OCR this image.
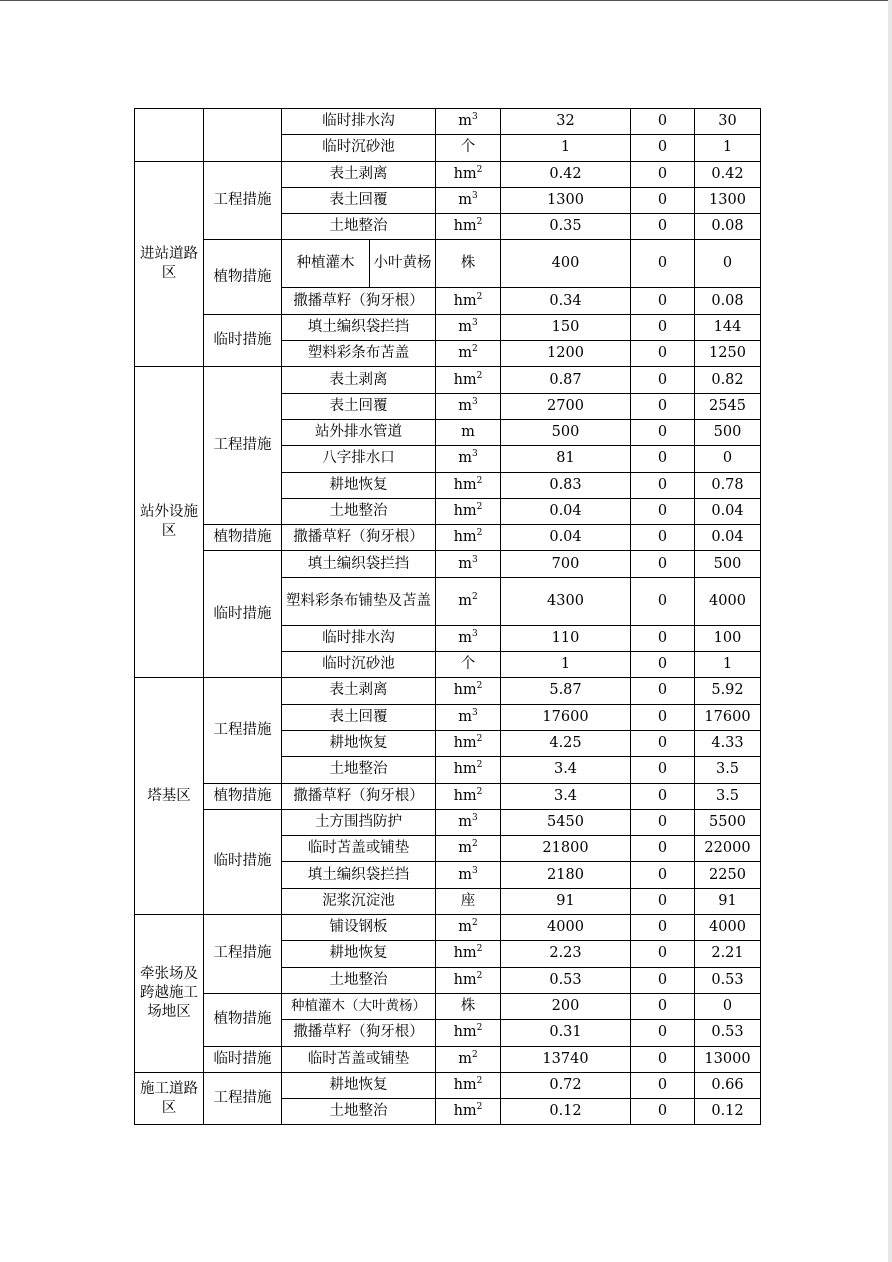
		临时排水沟		$m^3$	32	0	30
		临时沉砂池		个	1	0	1
进站道路区	工程措施	表土剥离		$hm^2$	0.42	0	0.42
		表土回覆		$m^3$	1300	0	1300
		土地整治		$hm^2$	0.35	0	0.08
	植物措施	种植灌木	小叶黄杨	株	400	0	0
		撒播草籽（狗牙根）		$hm^2$	0.34	0	0.08
	临时措施	填土编织袋拦挡		$m^3$	150	0	144
		塑料彩条布苫盖		$m^2$	1200	0	1250
站外设施区	工程措施	表土剥离		$hm^2$	0.87	0	0.82
		表土回覆		$m^3$	2700	0	2545
		站外排水管道		m	500	0	500
		八字排水口		$m^3$	81	0	0
		耕地恢复		$hm^2$	0.83	0	0.78
		土地整治		$hm^2$	0.04	0	0.04
	植物措施	撒播草籽（狗牙根）		$hm^2$	0.04	0	0.04
	临时措施	填土编织袋拦挡		$m^3$	700	0	500

		塑料彩条布铺垫及苫盖		$m^2$	4300	0	4000
		临时排水沟		$m^3$	110	0	100
		临时沉砂池		个	1	0	1
塔基区	工程措施	表土剥离		$hm^2$	5.87	0	5.92
		表土回覆		$m^3$	17600	0	17600
		耕地恢复		$hm^2$	4.25	0	4.33
		土地整治		$hm^2$	3.4	0	3.5
	植物措施	撒播草籽（狗牙根）		$hm^2$	3.4	0	3.5
	临时措施	土方围挡防护		$m^3$	5450	0	5500
		临时苫盖或铺垫		$m^2$	21800	0	22000
		填土编织袋拦挡		$m^3$	2180	0	2250
		泥浆沉淀池		座	91	0	91
牵张场及跨越施工场地区	工程措施	铺设钢板		$m^2$	4000	0	4000
		耕地恢复		$hm^2$	2.23	0	2.21
		土地整治		$hm^2$	0.53	0	0.53
	植物措施	种植灌木（大叶黄杨）		株	200	0	0
		撒播草籽（狗牙根）		$hm^2$	0.31	0	0.53
	临时措施	临时苫盖或铺垫		$m^2$	13740	0	13000
施工道路区	工程措施	耕地恢复		$hm^2$	0.72	0	0.66
		土地整治		$hm^2$	0.12	0	0.12
